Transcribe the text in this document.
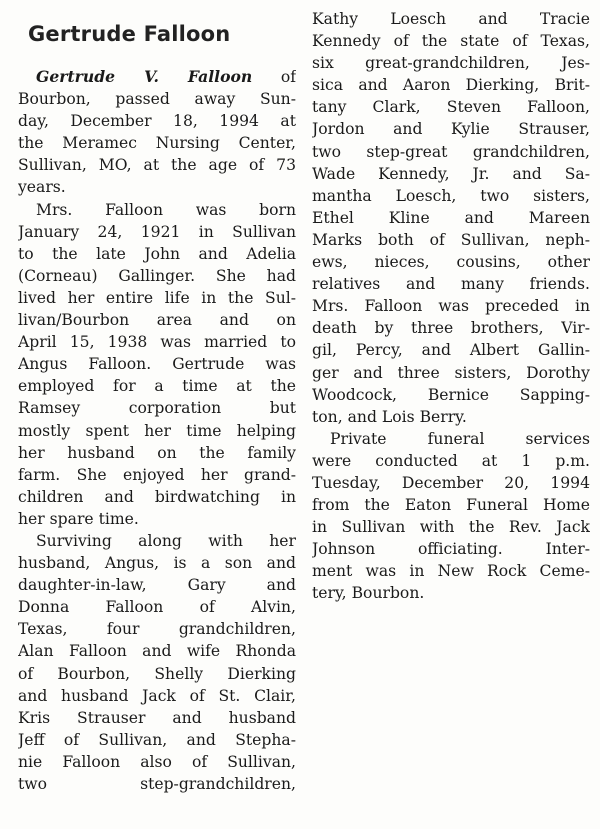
Gertrude Falloon
Gertrude V. Falloon of
Bourbon, passed away Sun-
day, December 18, 1994 at
the Meramec Nursing Center,
Sullivan, MO, at the age of 73
years.
Mrs. Falloon was born
January 24, 1921 in Sullivan
to the late John and Adelia
(Corneau) Gallinger. She had
lived her entire life in the Sul-
livan/Bourbon area and on
April 15, 1938 was married to
Angus Falloon. Gertrude was
employed for a time at the
Ramsey corporation but
mostly spent her time helping
her husband on the family
farm. She enjoyed her grand-
children and birdwatching in
her spare time.
Surviving along with her
husband, Angus, is a son and
daughter-in-law, Gary and
Donna Falloon of Alvin,
Texas, four grandchildren,
Alan Falloon and wife Rhonda
of Bourbon, Shelly Dierking
and husband Jack of St. Clair,
Kris Strauser and husband
Jeff of Sullivan, and Stepha-
nie Falloon also of Sullivan,
two step-grandchildren,
Kathy Loesch and Tracie
Kennedy of the state of Texas,
six great-grandchildren, Jes-
sica and Aaron Dierking, Brit-
tany Clark, Steven Falloon,
Jordon and Kylie Strauser,
two step-great grandchildren,
Wade Kennedy, Jr. and Sa-
mantha Loesch, two sisters,
Ethel Kline and Mareen
Marks both of Sullivan, neph-
ews, nieces, cousins, other
relatives and many friends.
Mrs. Falloon was preceded in
death by three brothers, Vir-
gil, Percy, and Albert Gallin-
ger and three sisters, Dorothy
Woodcock, Bernice Sapping-
ton, and Lois Berry.
Private funeral services
were conducted at 1 p.m.
Tuesday, December 20, 1994
from the Eaton Funeral Home
in Sullivan with the Rev. Jack
Johnson officiating. Inter-
ment was in New Rock Ceme-
tery, Bourbon.
